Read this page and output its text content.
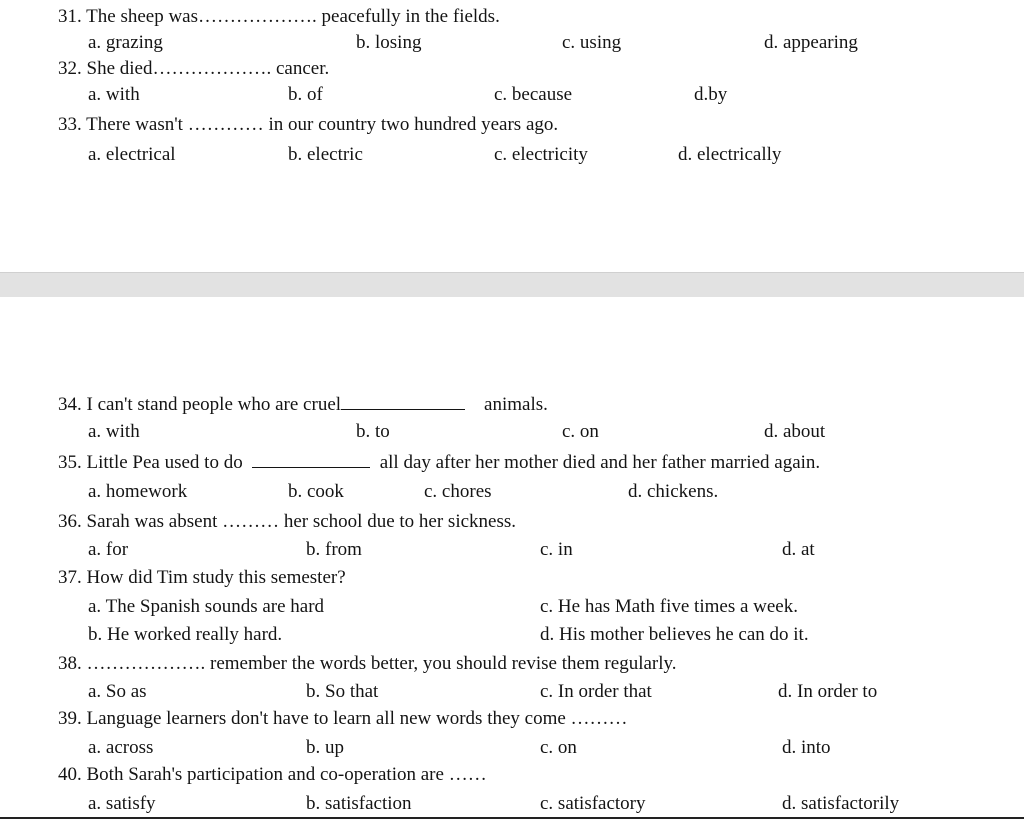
31. The sheep was………………. peacefully in the fields.
a. grazing	b. losing	c. using	d. appearing
32. She died………………. cancer.
a. with	b. of	c. because	d.by
33. There wasn't ………… in our country two hundred years ago.
a. electrical	b. electric	c. electricity	d. electrically
34. I can't stand people who are cruel	animals.
a. with	b. to	c. on	d. about
35. Little Pea used to do	all day after her mother died and her father married again.
a. homework	b. cook	c. chores	d. chickens.
36. Sarah was absent ……… her school due to her sickness.
a. for	b. from	c. in	d. at
37. How did Tim study this semester?
a. The Spanish sounds are hard	c. He has Math five times a week.
b. He worked really hard.	d. His mother believes he can do it.
38. ………………. remember the words better, you should revise them regularly.
a. So as	b. So that	c. In order that	d. In order to
39. Language learners don't have to learn all new words they come ………
a. across	b. up	c. on	d. into
40. Both Sarah's participation and co-operation are ……
a. satisfy	b. satisfaction	c. satisfactory	d. satisfactorily
